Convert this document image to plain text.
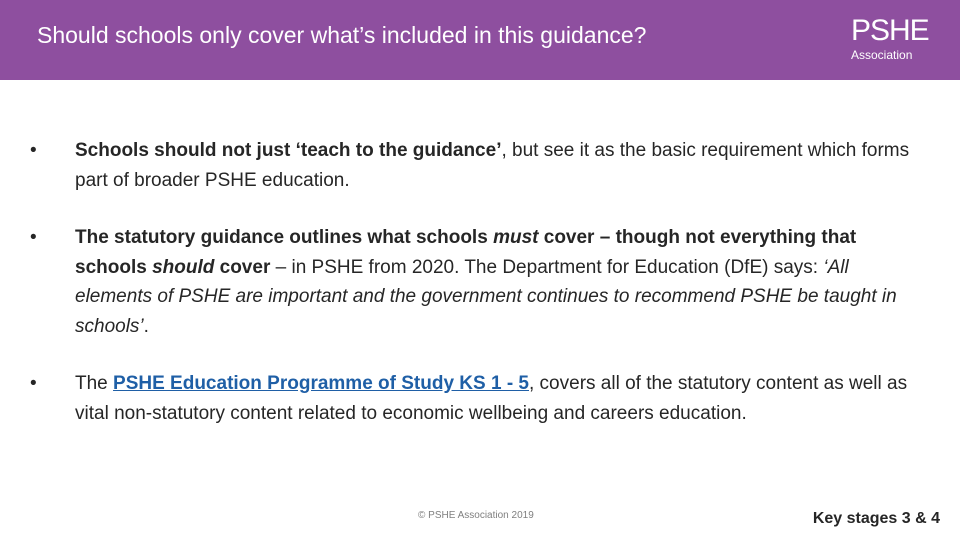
Should schools only cover what’s included in this guidance?	PSHE
Association
•	Schools should not just ‘teach to the guidance’, but see it as the basic requirement which forms part of broader PSHE education.
•	The statutory guidance outlines what schools must cover – though not everything that schools should cover – in PSHE from 2020. The Department for Education (DfE) says: ‘All elements of PSHE are important and the government continues to recommend PSHE be taught in schools’.
•	The PSHE Education Programme of Study KS 1 - 5, covers all of the statutory content as well as vital non-statutory content related to economic wellbeing and careers education.
© PSHE Association 2019	Key stages 3 & 4
